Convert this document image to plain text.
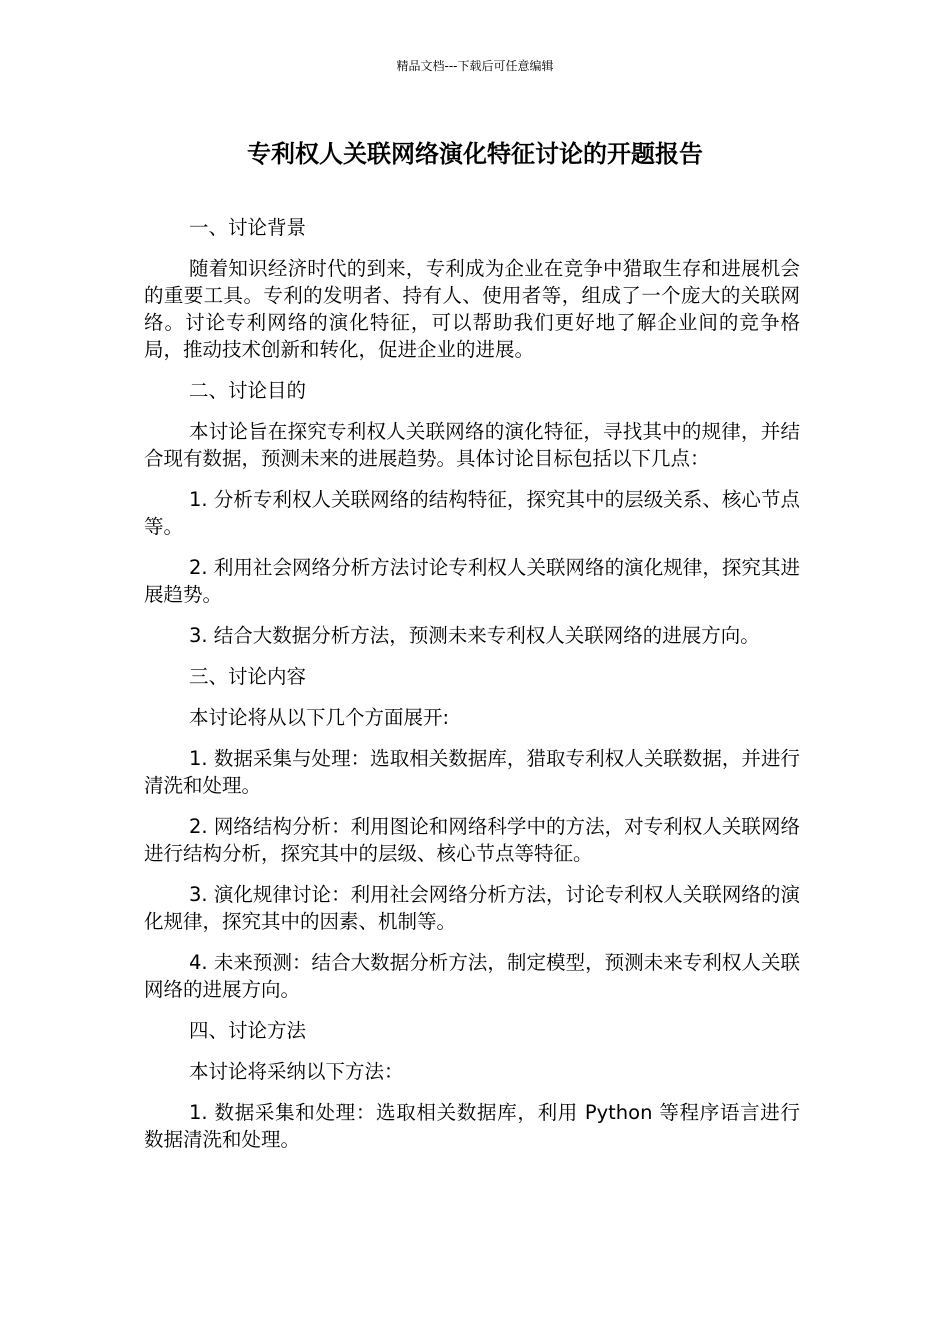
精品文档---下载后可任意编辑
专利权人关联网络演化特征讨论的开题报告

一、讨论背景

随着知识经济时代的到来，专利成为企业在竞争中猎取生存和进展机会的重要工具。专利的发明者、持有人、使用者等，组成了一个庞大的关联网络。讨论专利网络的演化特征，可以帮助我们更好地了解企业间的竞争格局，推动技术创新和转化，促进企业的进展。

二、讨论目的

本讨论旨在探究专利权人关联网络的演化特征，寻找其中的规律，并结合现有数据，预测未来的进展趋势。具体讨论目标包括以下几点：

1. 分析专利权人关联网络的结构特征，探究其中的层级关系、核心节点等。

2. 利用社会网络分析方法讨论专利权人关联网络的演化规律，探究其进展趋势。

3. 结合大数据分析方法，预测未来专利权人关联网络的进展方向。

三、讨论内容

本讨论将从以下几个方面展开:

1. 数据采集与处理：选取相关数据库，猎取专利权人关联数据，并进行清洗和处理。

2. 网络结构分析：利用图论和网络科学中的方法，对专利权人关联网络进行结构分析，探究其中的层级、核心节点等特征。

3. 演化规律讨论：利用社会网络分析方法，讨论专利权人关联网络的演化规律，探究其中的因素、机制等。

4. 未来预测：结合大数据分析方法，制定模型，预测未来专利权人关联网络的进展方向。

四、讨论方法

本讨论将采纳以下方法：

1. 数据采集和处理：选取相关数据库，利用 Python 等程序语言进行数据清洗和处理。
